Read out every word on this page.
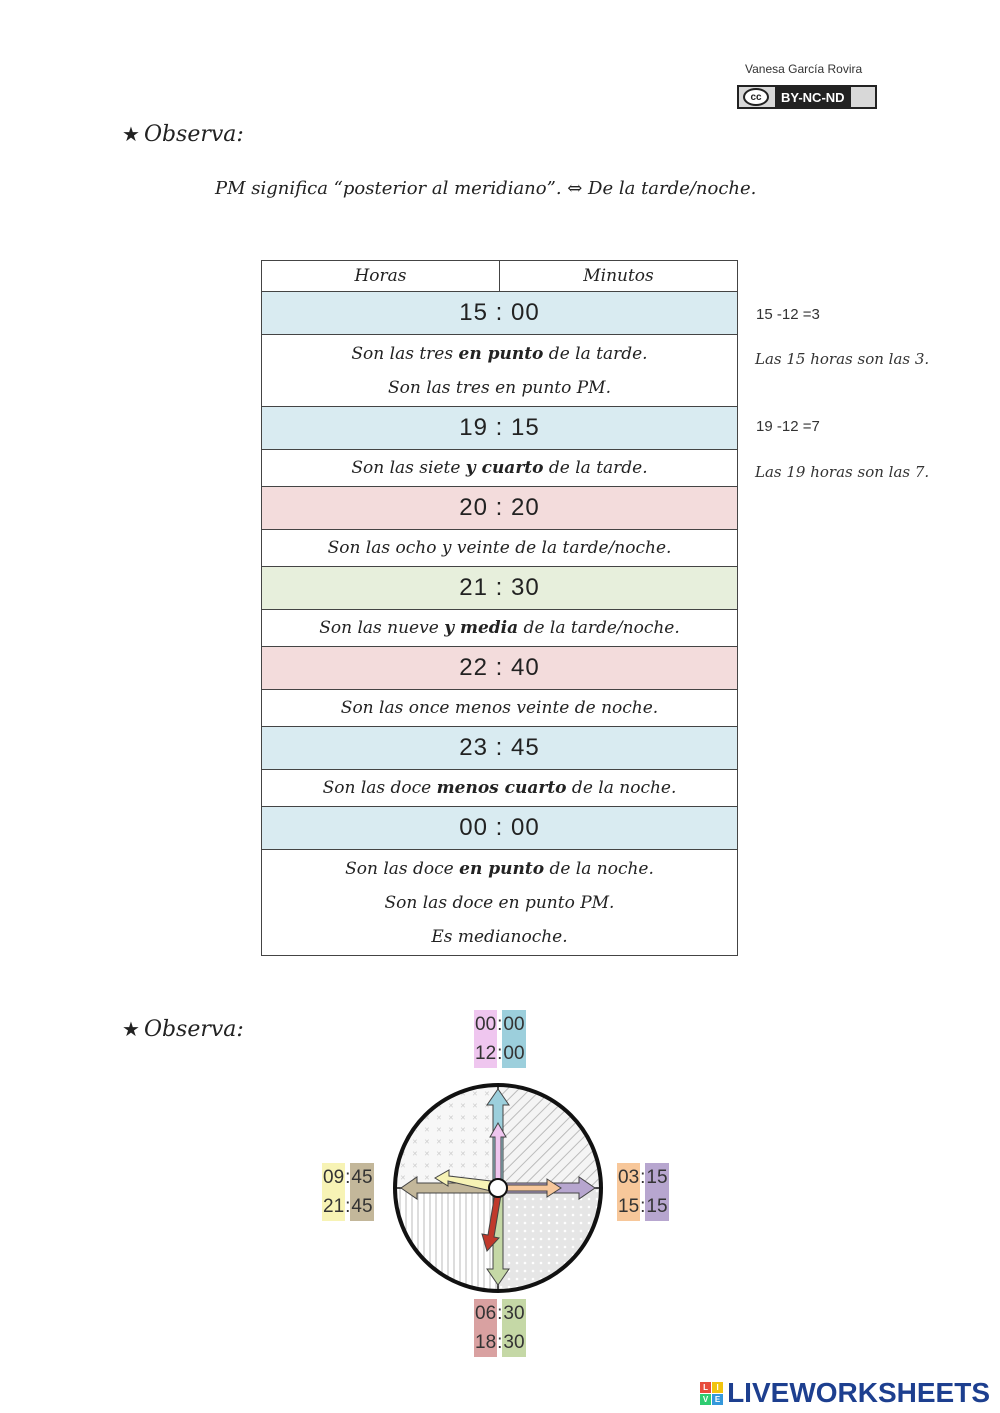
Vanesa García Rovira
cc	BY-NC-ND
★ Observa:
PM significa “posterior al meridiano”. ⇔ De la tarde/noche.
Horas	Minutos
15 : 00

Son las tres en punto de la tarde.
Son las tres en punto PM.

19 : 15
Son las siete y cuarto de la tarde.
20 : 20
Son las ocho y veinte de la tarde/noche.
21 : 30
Son las nueve y media de la tarde/noche.
22 : 40
Son las once menos veinte de noche.
23 : 45
Son las doce menos cuarto de la noche.
00 : 00

Son las doce en punto de la noche.
Son las doce en punto PM.
Es medianoche.
15 -12 =3
Las 15 horas son las 3.
19 -12 =7
Las 19 horas son las 7.
★ Observa:	00 : 00
12 : 00
03 : 15
15 : 15
06 : 30
18 : 30
09 : 45
21 : 45
L	I
V E LIVEWORKSHEETS
